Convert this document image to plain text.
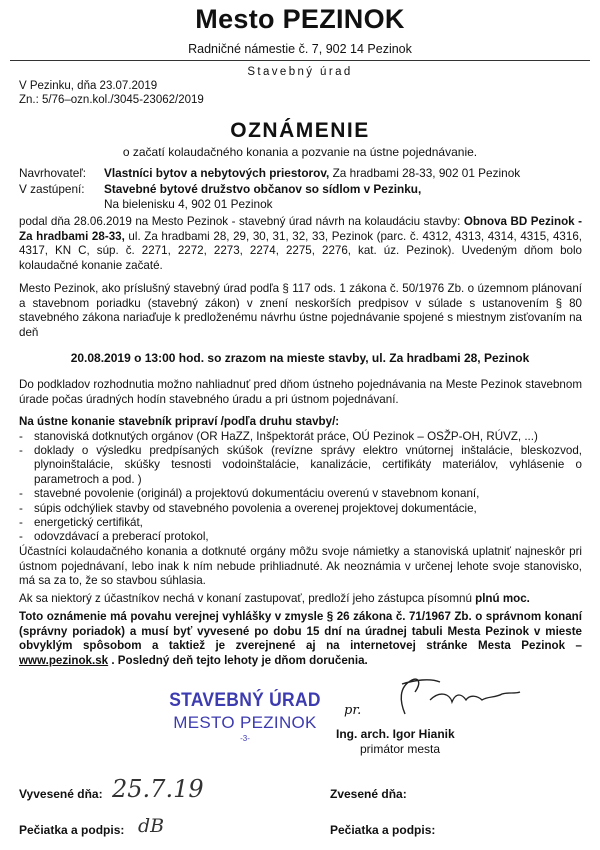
Mesto PEZINOK
Radničné námestie č. 7, 902 14 Pezinok
Stavebný úrad
V Pezinku, dňa 23.07.2019
Zn.: 5/76–ozn.kol./3045-23062/2019
OZNÁMENIE
o začatí kolaudačného konania a pozvanie na ústne pojednávanie.
Navrhovateľ: Vlastníci bytov a nebytových priestorov, Za hradbami 28-33, 902 01 Pezinok
V zastúpení: Stavebné bytové družstvo občanov so sídlom v Pezinku,
Na bielenisku 4, 902 01 Pezinok
podal dňa 28.06.2019 na Mesto Pezinok - stavebný úrad návrh na kolaudáciu stavby: Obnova BD Pezinok - Za hradbami 28-33, ul. Za hradbami 28, 29, 30, 31, 32, 33, Pezinok (parc. č. 4312, 4313, 4314, 4315, 4316, 4317, KN C, súp. č. 2271, 2272, 2273, 2274, 2275, 2276, kat. úz. Pezinok). Uvedeným dňom bolo kolaudačné konanie začaté.
Mesto Pezinok, ako príslušný stavebný úrad podľa § 117 ods. 1 zákona č. 50/1976 Zb. o územnom plánovaní a stavebnom poriadku (stavebný zákon) v znení neskorších predpisov v súlade s ustanovením § 80 stavebného zákona nariaďuje k predloženému návrhu ústne pojednávanie spojené s miestnym zisťovaním na deň
20.08.2019 o 13:00 hod. so zrazom na mieste stavby, ul. Za hradbami 28, Pezinok
Do podkladov rozhodnutia možno nahliadnuť pred dňom ústneho pojednávania na Meste Pezinok stavebnom úrade počas úradných hodín stavebného úradu a pri ústnom pojednávaní.
Na ústne konanie stavebník pripraví /podľa druhu stavby/:
- stanoviská dotknutých orgánov (OR HaZZ, Inšpektorát práce, OÚ Pezinok – OSŽP-OH, RÚVZ, ...)
- doklady o výsledku predpísaných skúšok (revízne správy elektro vnútornej inštalácie, bleskozvod, plynoinštalácie, skúšky tesnosti vodoinštalácie, kanalizácie, certifikáty materiálov, vyhlásenie o parametroch a pod. )
- stavebné povolenie (originál) a projektovú dokumentáciu overenú v stavebnom konaní,
- súpis odchýliek stavby od stavebného povolenia a overenej projektovej dokumentácie,
- energetický certifikát,
- odovzdávací a preberací protokol,
Účastníci kolaudačného konania a dotknuté orgány môžu svoje námietky a stanoviská uplatniť najneskôr pri ústnom pojednávaní, lebo inak k ním nebude prihliadnuté. Ak neoznámia v určenej lehote svoje stanovisko, má sa za to, že so stavbou súhlasia.
Ak sa niektorý z účastníkov nechá v konaní zastupovať, predloží jeho zástupca písomnú plnú moc.
Toto oznámenie má povahu verejnej vyhlášky v zmysle § 26 zákona č. 71/1967 Zb. o správnom konaní (správny poriadok) a musí byť vyvesené po dobu 15 dní na úradnej tabuli Mesta Pezinok v mieste obvyklým spôsobom a taktiež je zverejnené aj na internetovej stránke Mesta Pezinok – www.pezinok.sk . Posledný deň tejto lehoty je dňom doručenia.
STAVEBNÝ ÚRAD
MESTO PEZINOK
-3-
pr.
Ing. arch. Igor Hianik
primátor mesta
Vyvesené dňa: 25.7.19	Zvesené dňa:
Pečiatka a podpis: dB	Pečiatka a podpis:
